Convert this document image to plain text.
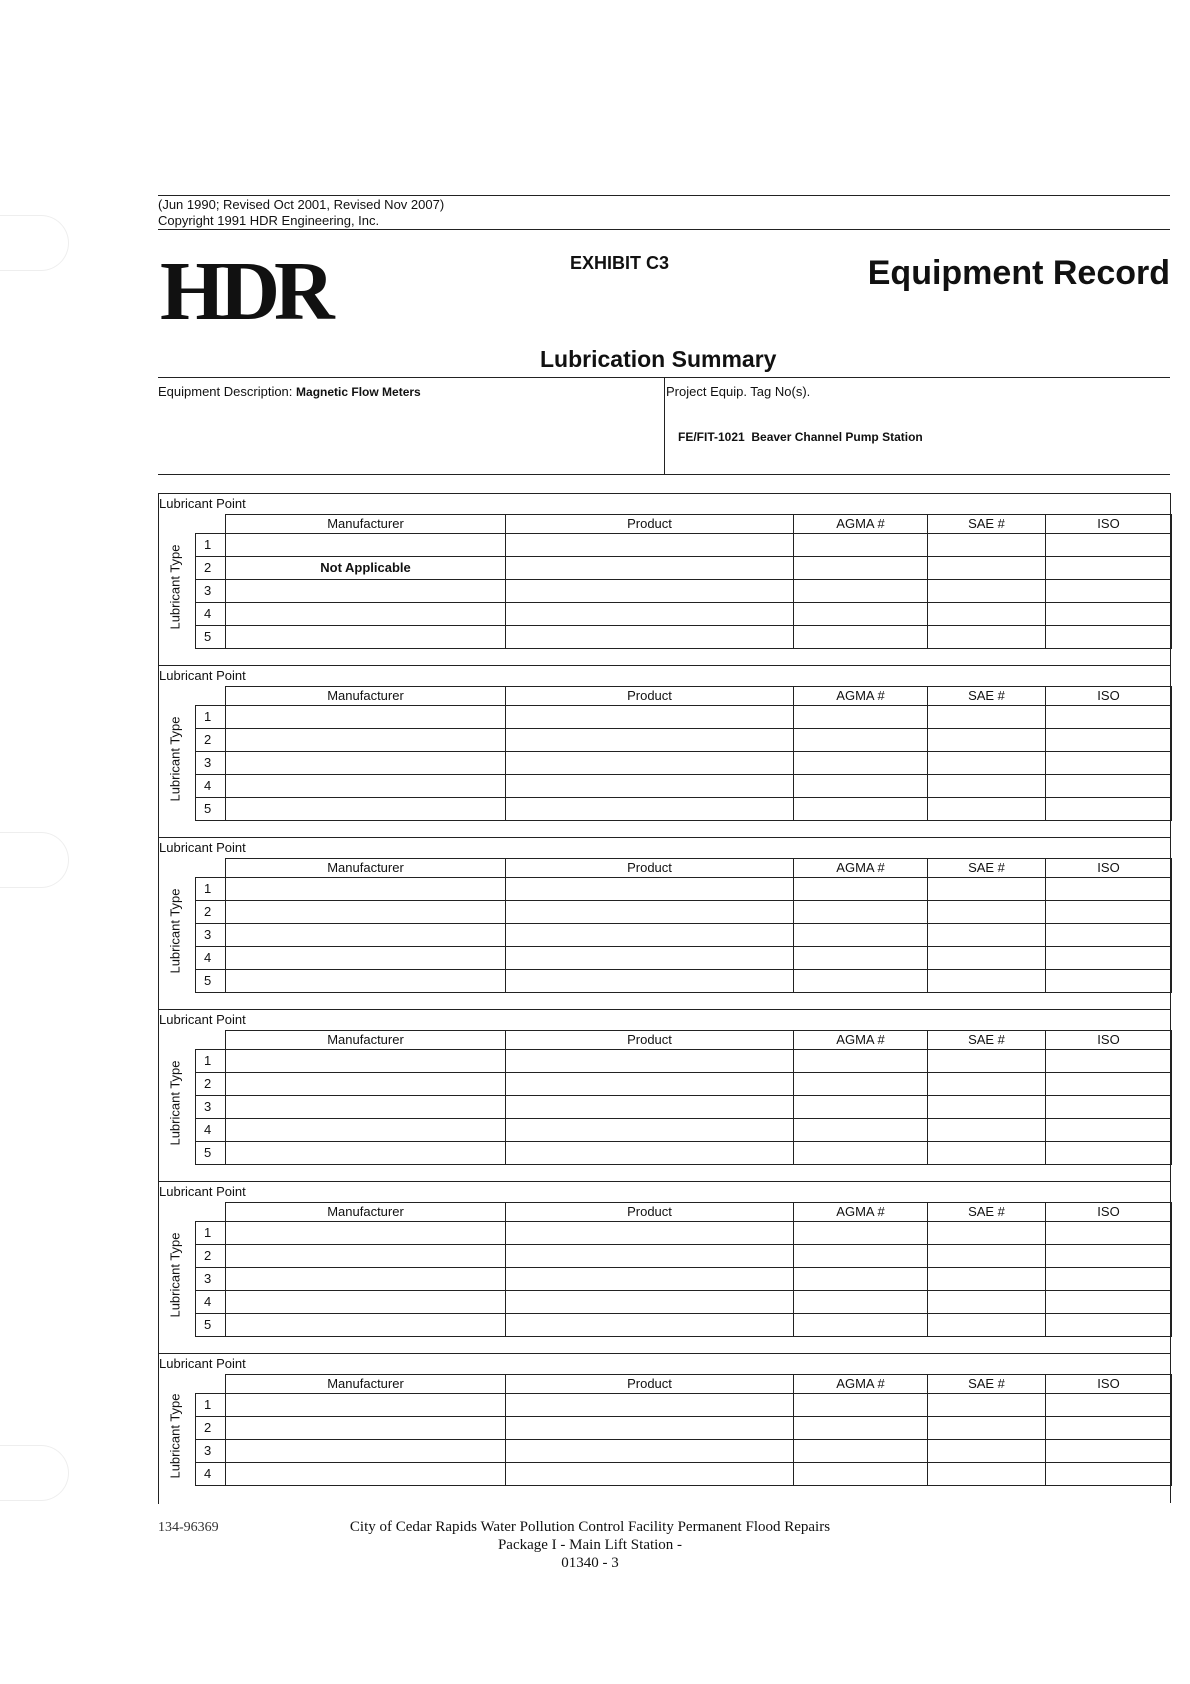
(Jun 1990; Revised Oct 2001, Revised Nov 2007)
Copyright 1991 HDR Engineering, Inc.
HDR	EXHIBIT C3	Equipment Record
Lubrication Summary
Equipment Description: Magnetic Flow Meters	Project Equip. Tag No(s).
FE/FIT-1021  Beaver Channel Pump Station
Lubricant Point
Lubricant Type
	Manufacturer	Product	AGMA #	SAE #	ISO
1					
2	Not Applicable				
3					
4					
5					
Lubricant Point
Lubricant Type
	Manufacturer	Product	AGMA #	SAE #	ISO
1					
2					
3					
4					
5					
Lubricant Point
Lubricant Type
	Manufacturer	Product	AGMA #	SAE #	ISO
1					
2					
3					
4					
5					
Lubricant Point
Lubricant Type
	Manufacturer	Product	AGMA #	SAE #	ISO
1					
2					
3					
4					
5					
Lubricant Point
Lubricant Type
	Manufacturer	Product	AGMA #	SAE #	ISO
1					
2					
3					
4					
5					
Lubricant Point
Lubricant Type
	Manufacturer	Product	AGMA #	SAE #	ISO
1					
2					
3					
4					
134-96369	City of Cedar Rapids Water Pollution Control Facility Permanent Flood Repairs
Package I - Main Lift Station -
01340 - 3
